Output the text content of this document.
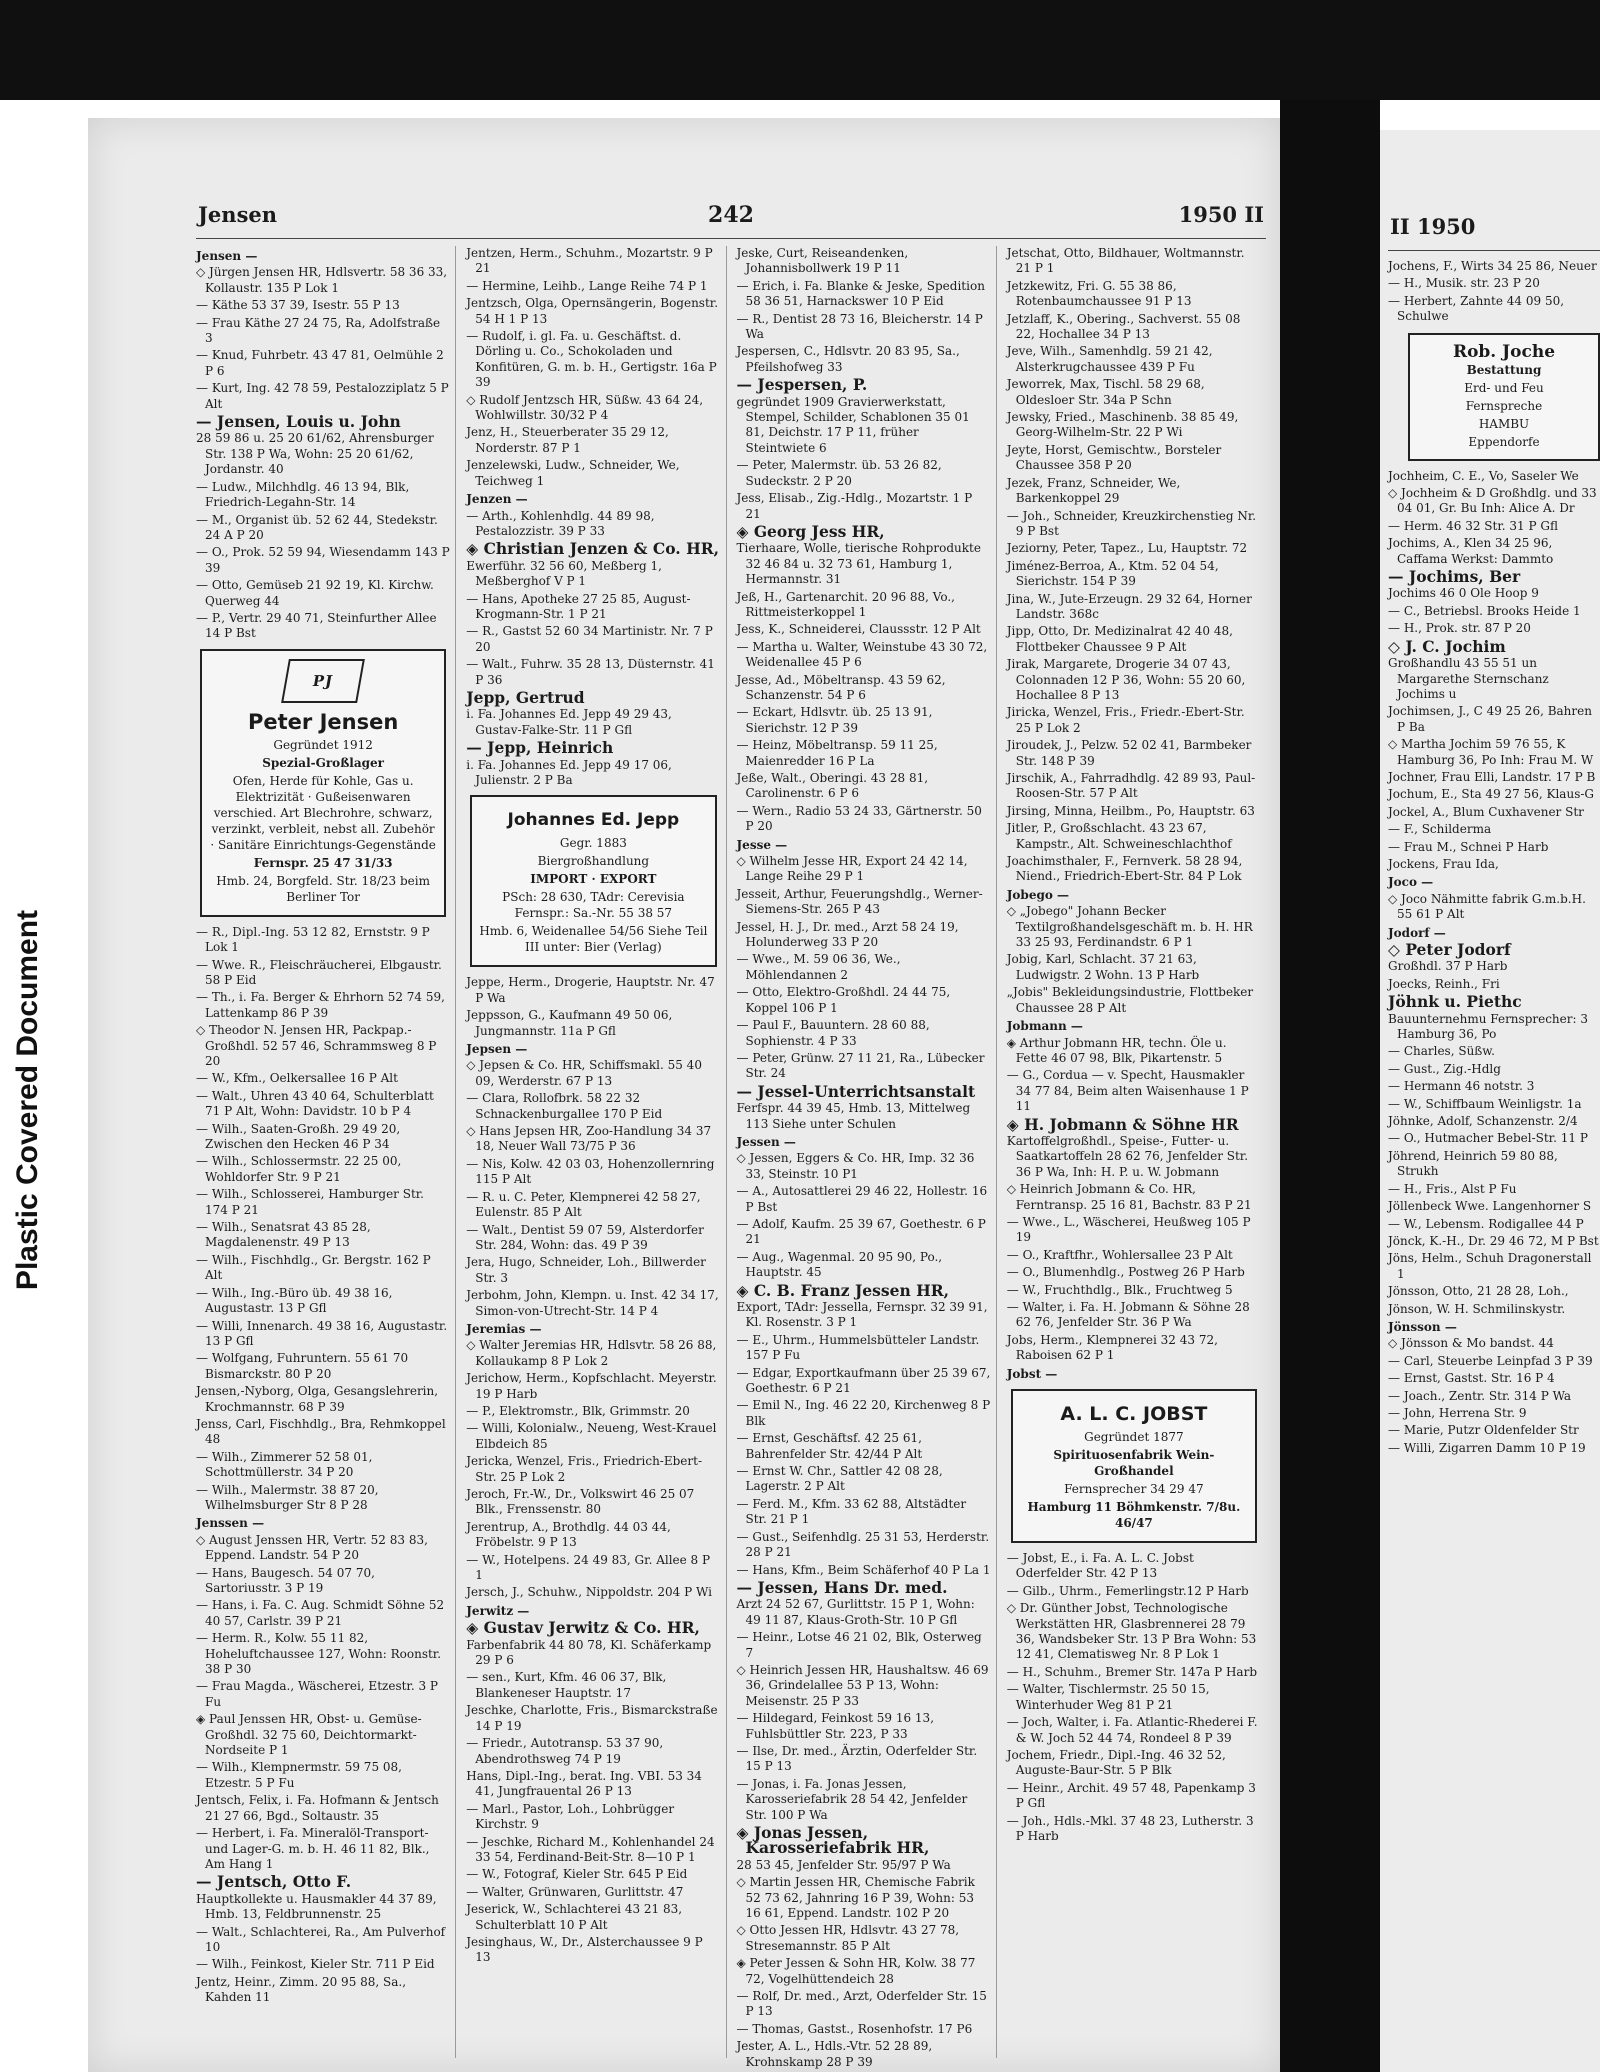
Plastic Covered Document
Jensen	242	1950 II
Jensen —
◇ Jürgen Jensen HR, Hdlsvertr. 58 36 33, Kollaustr. 135 P Lok 1
— Käthe 53 37 39, Isestr. 55 P 13
— Frau Käthe 27 24 75, Ra, Adolfstraße 3
— Knud, Fuhrbetr. 43 47 81, Oelmühle 2 P 6
— Kurt, Ing. 42 78 59, Pestalozziplatz 5 P Alt
— Jensen, Louis u. John
28 59 86 u. 25 20 61/62, Ahrensburger Str. 138 P Wa, Wohn: 25 20 61/62, Jordanstr. 40
— Ludw., Milchhdlg. 46 13 94, Blk, Friedrich-Legahn-Str. 14
— M., Organist üb. 52 62 44, Stedekstr. 24 A P 20
— O., Prok. 52 59 94, Wiesendamm 143 P 39
— Otto, Gemüseb 21 92 19, Kl. Kirchw. Querweg 44
— P., Vertr. 29 40 71, Steinfurther Allee 14 P Bst
PJ

Peter Jensen

Gegründet 1912

Spezial-Großlager

Ofen, Herde für Kohle, Gas u. Elektrizität · Gußeisenwaren verschied. Art Blechrohre, schwarz, verzinkt, verbleit, nebst all. Zubehör · Sanitäre Einrichtungs-Gegenstände

Fernspr. 25 47 31/33

Hmb. 24, Borgfeld. Str. 18/23 beim Berliner Tor

— R., Dipl.-Ing. 53 12 82, Ernststr. 9 P Lok 1
— Wwe. R., Fleischräucherei, Elbgaustr. 58 P Eid
— Th., i. Fa. Berger & Ehrhorn 52 74 59, Lattenkamp 86 P 39
◇ Theodor N. Jensen HR, Packpap.-Großhdl. 52 57 46, Schrammsweg 8 P 20
— W., Kfm., Oelkersallee 16 P Alt
— Walt., Uhren 43 40 64, Schulterblatt 71 P Alt, Wohn: Davidstr. 10 b P 4
— Wilh., Saaten-Großh. 29 49 20, Zwischen den Hecken 46 P 34
— Wilh., Schlossermstr. 22 25 00, Wohldorfer Str. 9 P 21
— Wilh., Schlosserei, Hamburger Str. 174 P 21
— Wilh., Senatsrat 43 85 28, Magdalenenstr. 49 P 13
— Wilh., Fischhdlg., Gr. Bergstr. 162 P Alt
— Wilh., Ing.-Büro üb. 49 38 16, Augustastr. 13 P Gfl
— Willi, Innenarch. 49 38 16, Augustastr. 13 P Gfl
— Wolfgang, Fuhruntern. 55 61 70 Bismarckstr. 80 P 20
Jensen,-Nyborg, Olga, Gesangslehrerin, Krochmannstr. 68 P 39
Jenss, Carl, Fischhdlg., Bra, Rehmkoppel 48
— Wilh., Zimmerer 52 58 01, Schottmüllerstr. 34 P 20
— Wilh., Malermstr. 38 87 20, Wilhelmsburger Str 8 P 28
Jenssen —
◇ August Jenssen HR, Vertr. 52 83 83, Eppend. Landstr. 54 P 20
— Hans, Baugesch. 54 07 70, Sartoriusstr. 3 P 19
— Hans, i. Fa. C. Aug. Schmidt Söhne 52 40 57, Carlstr. 39 P 21
— Herm. R., Kolw. 55 11 82, Hoheluftchaussee 127, Wohn: Roonstr. 38 P 30
— Frau Magda., Wäscherei, Etzestr. 3 P Fu
◈ Paul Jenssen HR, Obst- u. Gemüse-Großhdl. 32 75 60, Deichtormarkt-Nordseite P 1
— Wilh., Klempnermstr. 59 75 08, Etzestr. 5 P Fu
Jentsch, Felix, i. Fa. Hofmann & Jentsch 21 27 66, Bgd., Soltaustr. 35
— Herbert, i. Fa. Mineralöl-Transport- und Lager-G. m. b. H. 46 11 82, Blk., Am Hang 1
— Jentsch, Otto F.
Hauptkollekte u. Hausmakler 44 37 89, Hmb. 13, Feldbrunnenstr. 25
— Walt., Schlachterei, Ra., Am Pulverhof 10
— Wilh., Feinkost, Kieler Str. 711 P Eid
Jentz, Heinr., Zimm. 20 95 88, Sa., Kahden 11
Jentzen, Herm., Schuhm., Mozartstr. 9 P 21
— Hermine, Leihb., Lange Reihe 74 P 1
Jentzsch, Olga, Opernsängerin, Bogenstr. 54 H 1 P 13
— Rudolf, i. gl. Fa. u. Geschäftst. d. Dörling u. Co., Schokoladen und Konfitüren, G. m. b. H., Gertigstr. 16a P 39
◇ Rudolf Jentzsch HR, Süßw. 43 64 24, Wohlwillstr. 30/32 P 4
Jenz, H., Steuerberater 35 29 12, Norderstr. 87 P 1
Jenzelewski, Ludw., Schneider, We, Teichweg 1
Jenzen —
— Arth., Kohlenhdlg. 44 89 98, Pestalozzistr. 39 P 33
◈ Christian Jenzen & Co. HR,
Ewerführ. 32 56 60, Meßberg 1, Meßberghof V P 1
— Hans, Apotheke 27 25 85, August-Krogmann-Str. 1 P 21
— R., Gastst 52 60 34 Martinistr. Nr. 7 P 20
— Walt., Fuhrw. 35 28 13, Düsternstr. 41 P 36
Jepp, Gertrud
i. Fa. Johannes Ed. Jepp 49 29 43, Gustav-Falke-Str. 11 P Gfl
— Jepp, Heinrich
i. Fa. Johannes Ed. Jepp 49 17 06, Julienstr. 2 P Ba

Johannes Ed. Jepp

Gegr. 1883

Biergroßhandlung

IMPORT · EXPORT

PSch: 28 630, TAdr: Cerevisia Fernspr.: Sa.-Nr. 55 38 57

Hmb. 6, Weidenallee 54/56 Siehe Teil III unter: Bier (Verlag)

Jeppe, Herm., Drogerie, Hauptstr. Nr. 47 P Wa
Jeppsson, G., Kaufmann 49 50 06, Jungmannstr. 11a P Gfl
Jepsen —
◇ Jepsen & Co. HR, Schiffsmakl. 55 40 09, Werderstr. 67 P 13
— Clara, Rollofbrk. 58 22 32 Schnackenburgallee 170 P Eid
◇ Hans Jepsen HR, Zoo-Handlung 34 37 18, Neuer Wall 73/75 P 36
— Nis, Kolw. 42 03 03, Hohenzollernring 115 P Alt
— R. u. C. Peter, Klempnerei 42 58 27, Eulenstr. 85 P Alt
— Walt., Dentist 59 07 59, Alsterdorfer Str. 284, Wohn: das. 49 P 39
Jera, Hugo, Schneider, Loh., Billwerder Str. 3
Jerbohm, John, Klempn. u. Inst. 42 34 17, Simon-von-Utrecht-Str. 14 P 4
Jeremias —
◇ Walter Jeremias HR, Hdlsvtr. 58 26 88, Kollaukamp 8 P Lok 2
Jerichow, Herm., Kopfschlacht. Meyerstr. 19 P Harb
— P., Elektromstr., Blk, Grimmstr. 20
— Willi, Kolonialw., Neueng, West-Krauel Elbdeich 85
Jericka, Wenzel, Fris., Friedrich-Ebert-Str. 25 P Lok 2
Jeroch, Fr.-W., Dr., Volkswirt 46 25 07 Blk., Frenssenstr. 80
Jerentrup, A., Brothdlg. 44 03 44, Fröbelstr. 9 P 13
— W., Hotelpens. 24 49 83, Gr. Allee 8 P 1
Jersch, J., Schuhw., Nippoldstr. 204 P Wi
Jerwitz —
◈ Gustav Jerwitz & Co. HR,
Farbenfabrik 44 80 78, Kl. Schäferkamp 29 P 6
— sen., Kurt, Kfm. 46 06 37, Blk, Blankeneser Hauptstr. 17
Jeschke, Charlotte, Fris., Bismarckstraße 14 P 19
— Friedr., Autotransp. 53 37 90, Abendrothsweg 74 P 19
Hans, Dipl.-Ing., berat. Ing. VBI. 53 34 41, Jungfrauental 26 P 13
— Marl., Pastor, Loh., Lohbrügger Kirchstr. 9
— Jeschke, Richard M., Kohlenhandel 24 33 54, Ferdinand-Beit-Str. 8—10 P 1
— W., Fotograf, Kieler Str. 645 P Eid
— Walter, Grünwaren, Gurlittstr. 47
Jeserick, W., Schlachterei 43 21 83, Schulterblatt 10 P Alt
Jesinghaus, W., Dr., Alsterchaussee 9 P 13
Jeske, Curt, Reiseandenken, Johannisbollwerk 19 P 11
— Erich, i. Fa. Blanke & Jeske, Spedition 58 36 51, Harnackswег 10 P Eid
— R., Dentist 28 73 16, Bleicherstr. 14 P Wa
Jespersen, C., Hdlsvtr. 20 83 95, Sa., Pfeilshofweg 33
— Jespersen, P.
gegründet 1909 Gravierwerkstatt, Stempel, Schilder, Schablonen 35 01 81, Deichstr. 17 P 11, früher Steintwiete 6
— Peter, Malermstr. üb. 53 26 82, Sudeckstr. 2 P 20
Jess, Elisab., Zig.-Hdlg., Mozartstr. 1 P 21
◈ Georg Jess HR,
Tierhaare, Wolle, tierische Rohprodukte 32 46 84 u. 32 73 61, Hamburg 1, Hermannstr. 31
Jeß, H., Gartenarchit. 20 96 88, Vo., Rittmeisterkoppel 1
Jess, K., Schneiderei, Claussstr. 12 P Alt
— Martha u. Walter, Weinstube 43 30 72, Weidenallee 45 P 6
Jesse, Ad., Möbeltransp. 43 59 62, Schanzenstr. 54 P 6
— Eckart, Hdlsvtr. üb. 25 13 91, Sierichstr. 12 P 39
— Heinz, Möbeltransp. 59 11 25, Maienredder 16 P La
Jeße, Walt., Oberingi. 43 28 81, Carolinenstr. 6 P 6
— Wern., Radio 53 24 33, Gärtnerstr. 50 P 20
Jesse —
◇ Wilhelm Jesse HR, Export 24 42 14, Lange Reihe 29 P 1
Jesseit, Arthur, Feuerungshdlg., Werner-Siemens-Str. 265 P 43
Jessel, H. J., Dr. med., Arzt 58 24 19, Holunderweg 33 P 20
— Wwe., M. 59 06 36, We., Möhlendannen 2
— Otto, Elektro-Großhdl. 24 44 75, Koppel 106 P 1
— Paul F., Bauuntern. 28 60 88, Sophienstr. 4 P 33
— Peter, Grünw. 27 11 21, Ra., Lübecker Str. 24
— Jessel-Unterrichtsanstalt
Ferfspr. 44 39 45, Hmb. 13, Mittelweg 113 Siehe unter Schulen
Jessen —
◇ Jessen, Eggers & Co. HR, Imp. 32 36 33, Steinstr. 10 P1
— A., Autosattlerei 29 46 22, Hollestr. 16 P Bst
— Adolf, Kaufm. 25 39 67, Goethestr. 6 P 21
— Aug., Wagenmal. 20 95 90, Po., Hauptstr. 45
◈ C. B. Franz Jessen HR,
Export, TAdr: Jessella, Fernspr. 32 39 91, Kl. Rosenstr. 3 P 1
— E., Uhrm., Hummelsbütteler Landstr. 157 P Fu
— Edgar, Exportkaufmann über 25 39 67, Goethestr. 6 P 21
— Emil N., Ing. 46 22 20, Kirchenweg 8 P Blk
— Ernst, Geschäftsf. 42 25 61, Bahrenfelder Str. 42/44 P Alt
— Ernst W. Chr., Sattler 42 08 28, Lagerstr. 2 P Alt
— Ferd. M., Kfm. 33 62 88, Altstädter Str. 21 P 1
— Gust., Seifenhdlg. 25 31 53, Herderstr. 28 P 21
— Hans, Kfm., Beim Schäferhof 40 P La 1
— Jessen, Hans Dr. med.
Arzt 24 52 67, Gurlittstr. 15 P 1, Wohn: 49 11 87, Klaus-Groth-Str. 10 P Gfl
— Heinr., Lotse 46 21 02, Blk, Osterweg 7
◇ Heinrich Jessen HR, Haushaltsw. 46 69 36, Grindelallee 53 P 13, Wohn: Meisenstr. 25 P 33
— Hildegard, Feinkost 59 16 13, Fuhlsbüttler Str. 223, P 33
— Ilse, Dr. med., Ärztin, Oderfelder Str. 15 P 13
— Jonas, i. Fa. Jonas Jessen, Karosseriefabrik 28 54 42, Jenfelder Str. 100 P Wa
◈ Jonas Jessen, Karosseriefabrik HR,
28 53 45, Jenfelder Str. 95/97 P Wa
◇ Martin Jessen HR, Chemische Fabrik 52 73 62, Jahnring 16 P 39, Wohn: 53 16 61, Eppend. Landstr. 102 P 20
◇ Otto Jessen HR, Hdlsvtr. 43 27 78, Stresemannstr. 85 P Alt
◈ Peter Jessen & Sohn HR, Kolw. 38 77 72, Vogelhüttendeich 28
— Rolf, Dr. med., Arzt, Oderfelder Str. 15 P 13
— Thomas, Gastst., Rosenhofstr. 17 P6
Jester, A. L., Hdls.-Vtr. 52 28 89, Krohnskamp 28 P 39
Jetschat, Otto, Bildhauer, Woltmannstr. 21 P 1
Jetzkewitz, Fri. G. 55 38 86, Rotenbaumchaussee 91 P 13
Jetzlaff, K., Obering., Sachverst. 55 08 22, Hochallee 34 P 13
Jeve, Wilh., Samenhdlg. 59 21 42, Alsterkrugchaussee 439 P Fu
Jeworrek, Max, Tischl. 58 29 68, Oldesloer Str. 34a P Schn
Jewsky, Fried., Maschinenb. 38 85 49, Georg-Wilhelm-Str. 22 P Wi
Jeyte, Horst, Gemischtw., Borsteler Chaussee 358 P 20
Jezek, Franz, Schneider, We, Barkenkoppel 29
— Joh., Schneider, Kreuzkirchenstieg Nr. 9 P Bst
Jeziorny, Peter, Tapez., Lu, Hauptstr. 72
Jiménez-Berroa, A., Ktm. 52 04 54, Sierichstr. 154 P 39
Jina, W., Jute-Erzeugn. 29 32 64, Horner Landstr. 368c
Jipp, Otto, Dr. Medizinalrat 42 40 48, Flottbeker Chaussee 9 P Alt
Jirak, Margarete, Drogerie 34 07 43, Colonnaden 12 P 36, Wohn: 55 20 60, Hochallee 8 P 13
Jiricka, Wenzel, Fris., Friedr.-Ebert-Str. 25 P Lok 2
Jiroudek, J., Pelzw. 52 02 41, Barmbeker Str. 148 P 39
Jirschik, A., Fahrradhdlg. 42 89 93, Paul-Roosen-Str. 57 P Alt
Jirsing, Minna, Heilbm., Po, Hauptstr. 63
Jitler, P., Großschlacht. 43 23 67, Kampstr., Alt. Schweineschlachthof
Joachimsthaler, F., Fernverk. 58 28 94, Niend., Friedrich-Ebert-Str. 84 P Lok
Jobego —
◇ „Jobego" Johann Becker Textilgroßhandelsgeschäft m. b. H. HR 33 25 93, Ferdinandstr. 6 P 1
Jobig, Karl, Schlacht. 37 21 63, Ludwigstr. 2 Wohn. 13 P Harb
„Jobis" Bekleidungsindustrie, Flottbeker Chaussee 28 P Alt
Jobmann —
◈ Arthur Jobmann HR, techn. Öle u. Fette 46 07 98, Blk, Pikartenstr. 5
— G., Cordua — v. Specht, Hausmakler 34 77 84, Beim alten Waisenhause 1 P 11
◈ H. Jobmann & Söhne HR
Kartoffelgroßhdl., Speise-, Futter- u. Saatkartoffeln 28 62 76, Jenfelder Str. 36 P Wa, Inh: H. P. u. W. Jobmann
◇ Heinrich Jobmann & Co. HR, Ferntransp. 25 16 81, Bachstr. 83 P 21
— Wwe., L., Wäscherei, Heußweg 105 P 19
— O., Kraftfhr., Wohlersallee 23 P Alt
— O., Blumenhdlg., Postweg 26 P Harb
— W., Fruchthdlg., Blk., Fruchtweg 5
— Walter, i. Fa. H. Jobmann & Söhne 28 62 76, Jenfelder Str. 36 P Wa
Jobs, Herm., Klempnerei 32 43 72, Raboisen 62 P 1
Jobst —

A. L. C. JOBST

Gegründet 1877

Spirituosenfabrik Wein-Großhandel

Fernsprecher 34 29 47

Hamburg 11 Böhmkenstr. 7/8u. 46/47

— Jobst, E., i. Fa. A. L. C. Jobst Oderfelder Str. 42 P 13
— Gilb., Uhrm., Femerlingstr.12 P Harb
◇ Dr. Günther Jobst, Technologische Werkstätten HR, Glasbrennerei 28 79 36, Wandsbeker Str. 13 P Bra Wohn: 53 12 41, Clematisweg Nr. 8 P Lok 1
— H., Schuhm., Bremer Str. 147a P Harb
— Walter, Tischlermstr. 25 50 15, Winterhuder Weg 81 P 21
— Joch, Walter, i. Fa. Atlantic-Rhederei F. & W. Joch 52 44 74, Rondeel 8 P 39
Jochem, Friedr., Dipl.-Ing. 46 32 52, Auguste-Baur-Str. 5 P Blk
— Heinr., Archit. 49 57 48, Papenkamp 3 P Gfl
— Joh., Hdls.-Mkl. 37 48 23, Lutherstr. 3 P Harb
II 1950
Jochens, F., Wirts 34 25 86, Neuer
— H., Musik. str. 23 P 20
— Herbert, Zahnte 44 09 50, Schulwe
Rob. Joche
Bestattung
Erd- und Feu
Fernspreche
HAMBU
Eppendorfe
Jochheim, C. E., Vo, Saseler We
◇ Jochheim & D Großhdlg. und 33 04 01, Gr. Bu Inh: Alice A. Dr
— Herm. 46 32 Str. 31 P Gfl
Jochims, A., Klen 34 25 96, Caffama Werkst: Dammto
— Jochims, Ber
Jochims 46 0 Ole Hoop 9
— C., Betriebsl. Brooks Heide 1
— H., Prok. str. 87 P 20
◇ J. C. Jochim
Großhandlu 43 55 51 un Margarethe Sternschanz Jochims u
Jochimsen, J., C 49 25 26, Bahren P Ba
◇ Martha Jochim 59 76 55, K Hamburg 36, Po Inh: Frau M. W
Jochner, Frau Elli, Landstr. 17 P B
Jochum, E., Sta 49 27 56, Klaus-G
Jockel, A., Blum Cuxhavener Str
— F., Schilderma
— Frau M., Schnei P Harb
Jockens, Frau Ida,
Joco —
◇ Joco Nähmitte fabrik G.m.b.H. 55 61 P Alt
Jodorf —
◇ Peter Jodorf
Großhdl. 37 P Harb
Joecks, Reinh., Fri
Jöhnk u. Piethc
Bauunternehmu Fernsprecher: 3 Hamburg 36, Po
— Charles, Süßw.
— Gust., Zig.-Hdlg
— Hermann 46 notstr. 3
— W., Schiffbaum Weinligstr. 1a
Jöhnke, Adolf, Schanzenstr. 2/4
— O., Hutmacher Bebel-Str. 11 P
Jöhrend, Heinrich 59 80 88, Strukh
— H., Fris., Alst P Fu
Jöllenbeck Wwe. Langenhorner S
— W., Lebensm. Rodigallee 44 P
Jönck, K.-H., Dr. 29 46 72, M P Bst
Jöns, Helm., Schuh Dragonerstall 1
Jönsson, Otto, 21 28 28, Loh.,
Jönson, W. H. Schmilinskystr.
Jönsson —
◇ Jönsson & Mo bandst. 44
— Carl, Steuerbe Leinpfad 3 P 39
— Ernst, Gastst. Str. 16 P 4
— Joach., Zentr. Str. 314 P Wa
— John, Herrena Str. 9
— Marie, Putzr Oldenfelder Str
— Willi, Zigarren Damm 10 P 19
